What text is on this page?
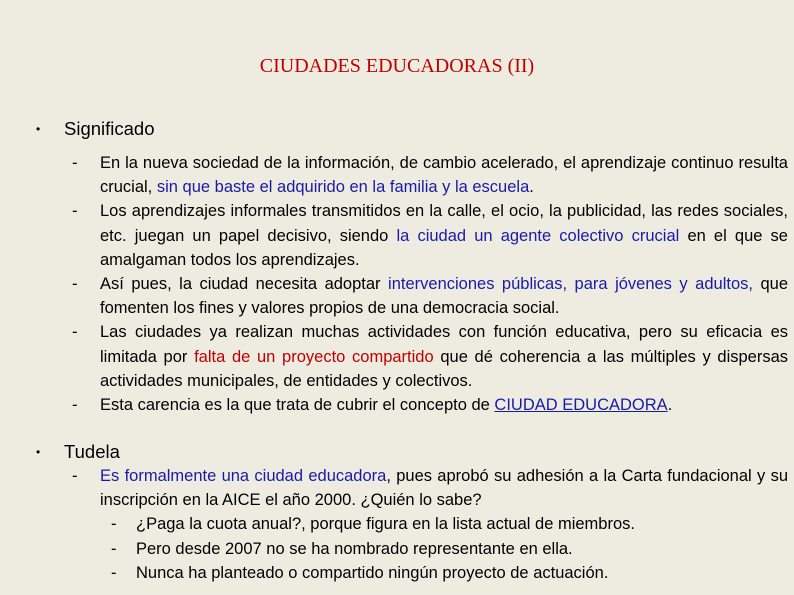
CIUDADES EDUCADORAS (II)
• Significado
- En la nueva sociedad de la información, de cambio acelerado, el aprendizaje continuo resulta crucial, sin que baste el adquirido en la familia y la escuela.
- Los aprendizajes informales transmitidos en la calle, el ocio, la publicidad, las redes sociales, etc. juegan un papel decisivo, siendo la ciudad un agente colectivo crucial en el que se amalgaman todos los aprendizajes.
- Así pues, la ciudad necesita adoptar intervenciones públicas, para jóvenes y adultos, que fomenten los fines y valores propios de una democracia social.
- Las ciudades ya realizan muchas actividades con función educativa, pero su eficacia es limitada por falta de un proyecto compartido que dé coherencia a las múltiples y dispersas actividades municipales, de entidades y colectivos.
- Esta carencia es la que trata de cubrir el concepto de CIUDAD EDUCADORA.
• Tudela
- Es formalmente una ciudad educadora, pues aprobó su adhesión a la Carta fundacional y su inscripción en la AICE el año 2000. ¿Quién lo sabe?
- ¿Paga la cuota anual?, porque figura en la lista actual de miembros.
- Pero desde 2007 no se ha nombrado representante en ella.
- Nunca ha planteado o compartido ningún proyecto de actuación.
